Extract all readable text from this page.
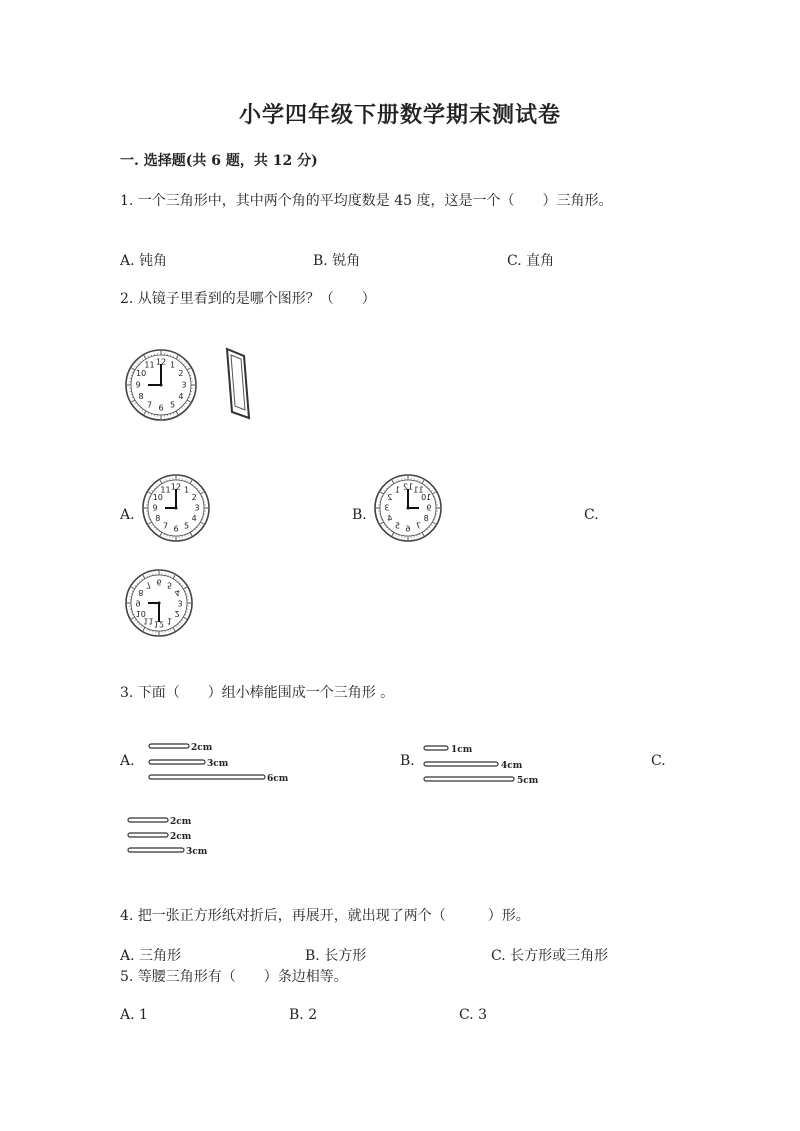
小学四年级下册数学期末测试卷
一. 选择题(共 6 题，共 12 分)
1. 一个三角形中，其中两个角的平均度数是 45 度，这是一个（　　）三角形。
A. 钝角	B. 锐角	C. 直角
2. 从镜子里看到的是哪个图形？（　　）
12 1
2
3
4
5
6
7
8
9
10
11
A.
12 1
2
3
4
5
6
7
8
9
10
11
B.
12
1
2
3
4
5 6 7
8
9
10
11
C.
12 1
2
3
4
5
6
7
8
9
10
11
3. 下面（　　）组小棒能围成一个三角形 。
A.
2cm
3cm
6cm
B.
1cm
4cm
5cm
C.
2cm
2cm
3cm
4. 把一张正方形纸对折后，再展开，就出现了两个（　　　）形。
A. 三角形	B. 长方形	C. 长方形或三角形
5. 等腰三角形有（　　）条边相等。
A. 1	B. 2	C. 3
